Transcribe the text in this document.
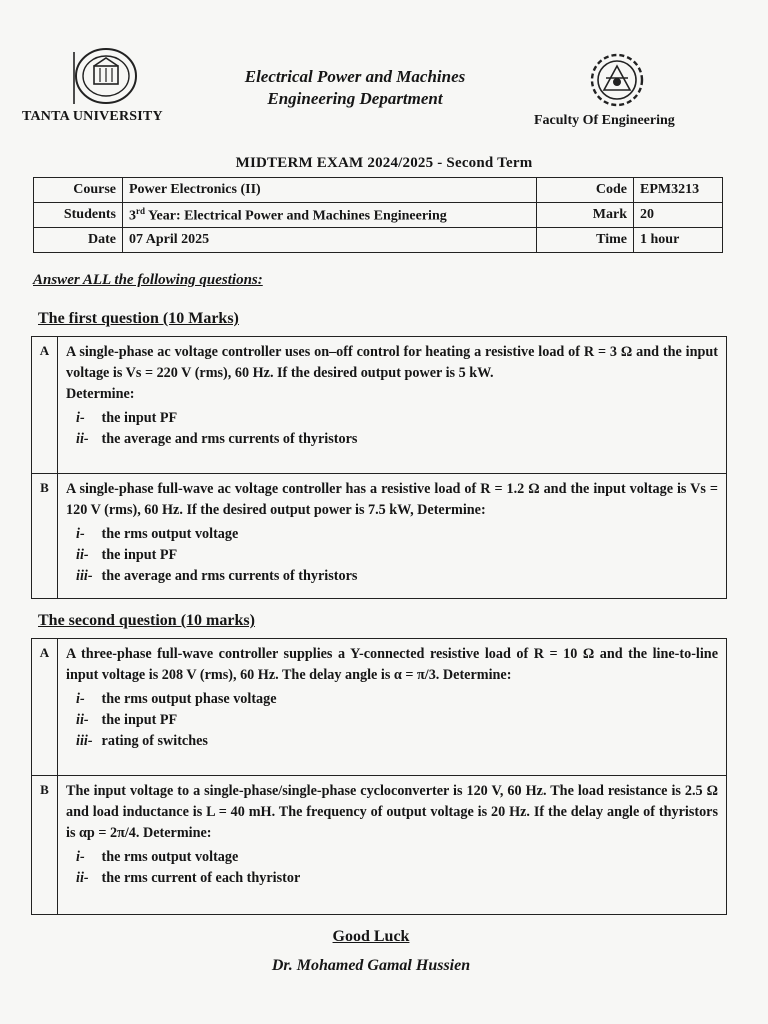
TANTA UNIVERSITY
Electrical Power and Machines
Engineering Department
Faculty Of Engineering
MIDTERM EXAM 2024/2025 - Second Term
Course	Power Electronics (II)	Code	EPM3213
Students	3rd Year: Electrical Power and Machines Engineering	Mark	20
Date	07 April 2025	Time	1 hour
Answer ALL the following questions:
The first question (10 Marks)
A	A single-phase ac voltage controller uses on–off control for heating a resistive load of R = 3 Ω and the input voltage is Vs = 220 V (rms), 60 Hz. If the desired output power is 5 kW.
Determine:
i- the input PF
ii- the average and rms currents of thyristors
B	A single-phase full-wave ac voltage controller has a resistive load of R = 1.2 Ω and the input voltage is Vs = 120 V (rms), 60 Hz. If the desired output power is 7.5 kW, Determine:
i- the rms output voltage
ii- the input PF
iii- the average and rms currents of thyristors
The second question (10 marks)
A	A three-phase full-wave controller supplies a Y-connected resistive load of R = 10 Ω and the line-to-line input voltage is 208 V (rms), 60 Hz. The delay angle is α = π/3. Determine:
i- the rms output phase voltage
ii- the input PF
iii- rating of switches
B	The input voltage to a single-phase/single-phase cycloconverter is 120 V, 60 Hz. The load resistance is 2.5 Ω and load inductance is L = 40 mH. The frequency of output voltage is 20 Hz. If the delay angle of thyristors is αp = 2π/4. Determine:
i- the rms output voltage
ii- the rms current of each thyristor
Good Luck
Dr. Mohamed Gamal Hussien
